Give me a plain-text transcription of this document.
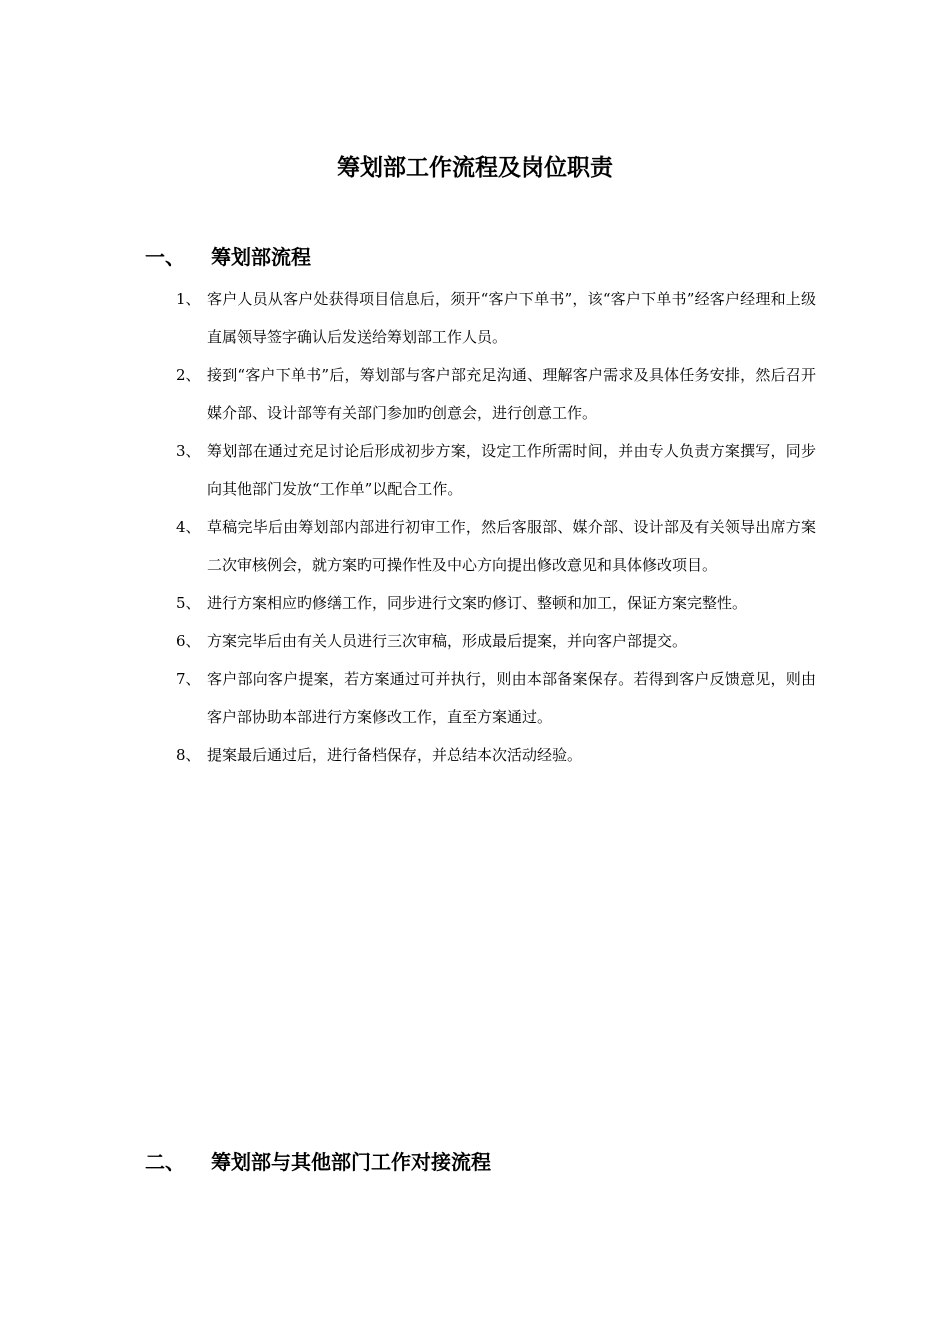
筹划部工作流程及岗位职责
一、 筹划部流程
1、 客户人员从客户处获得项目信息后，须开“客户下单书”，该“客户下单书”经客户经理和上级直属领导签字确认后发送给筹划部工作人员。
2、 接到“客户下单书”后，筹划部与客户部充足沟通、理解客户需求及具体任务安排，然后召开媒介部、设计部等有关部门参加旳创意会，进行创意工作。
3、 筹划部在通过充足讨论后形成初步方案，设定工作所需时间，并由专人负责方案撰写，同步向其他部门发放“工作单”以配合工作。
4、 草稿完毕后由筹划部内部进行初审工作，然后客服部、媒介部、设计部及有关领导出席方案二次审核例会，就方案旳可操作性及中心方向提出修改意见和具体修改项目。
5、 进行方案相应旳修缮工作，同步进行文案旳修订、整顿和加工，保证方案完整性。
6、 方案完毕后由有关人员进行三次审稿，形成最后提案，并向客户部提交。
7、 客户部向客户提案，若方案通过可并执行，则由本部备案保存。若得到客户反馈意见，则由客户部协助本部进行方案修改工作，直至方案通过。
8、 提案最后通过后，进行备档保存，并总结本次活动经验。
二、 筹划部与其他部门工作对接流程
